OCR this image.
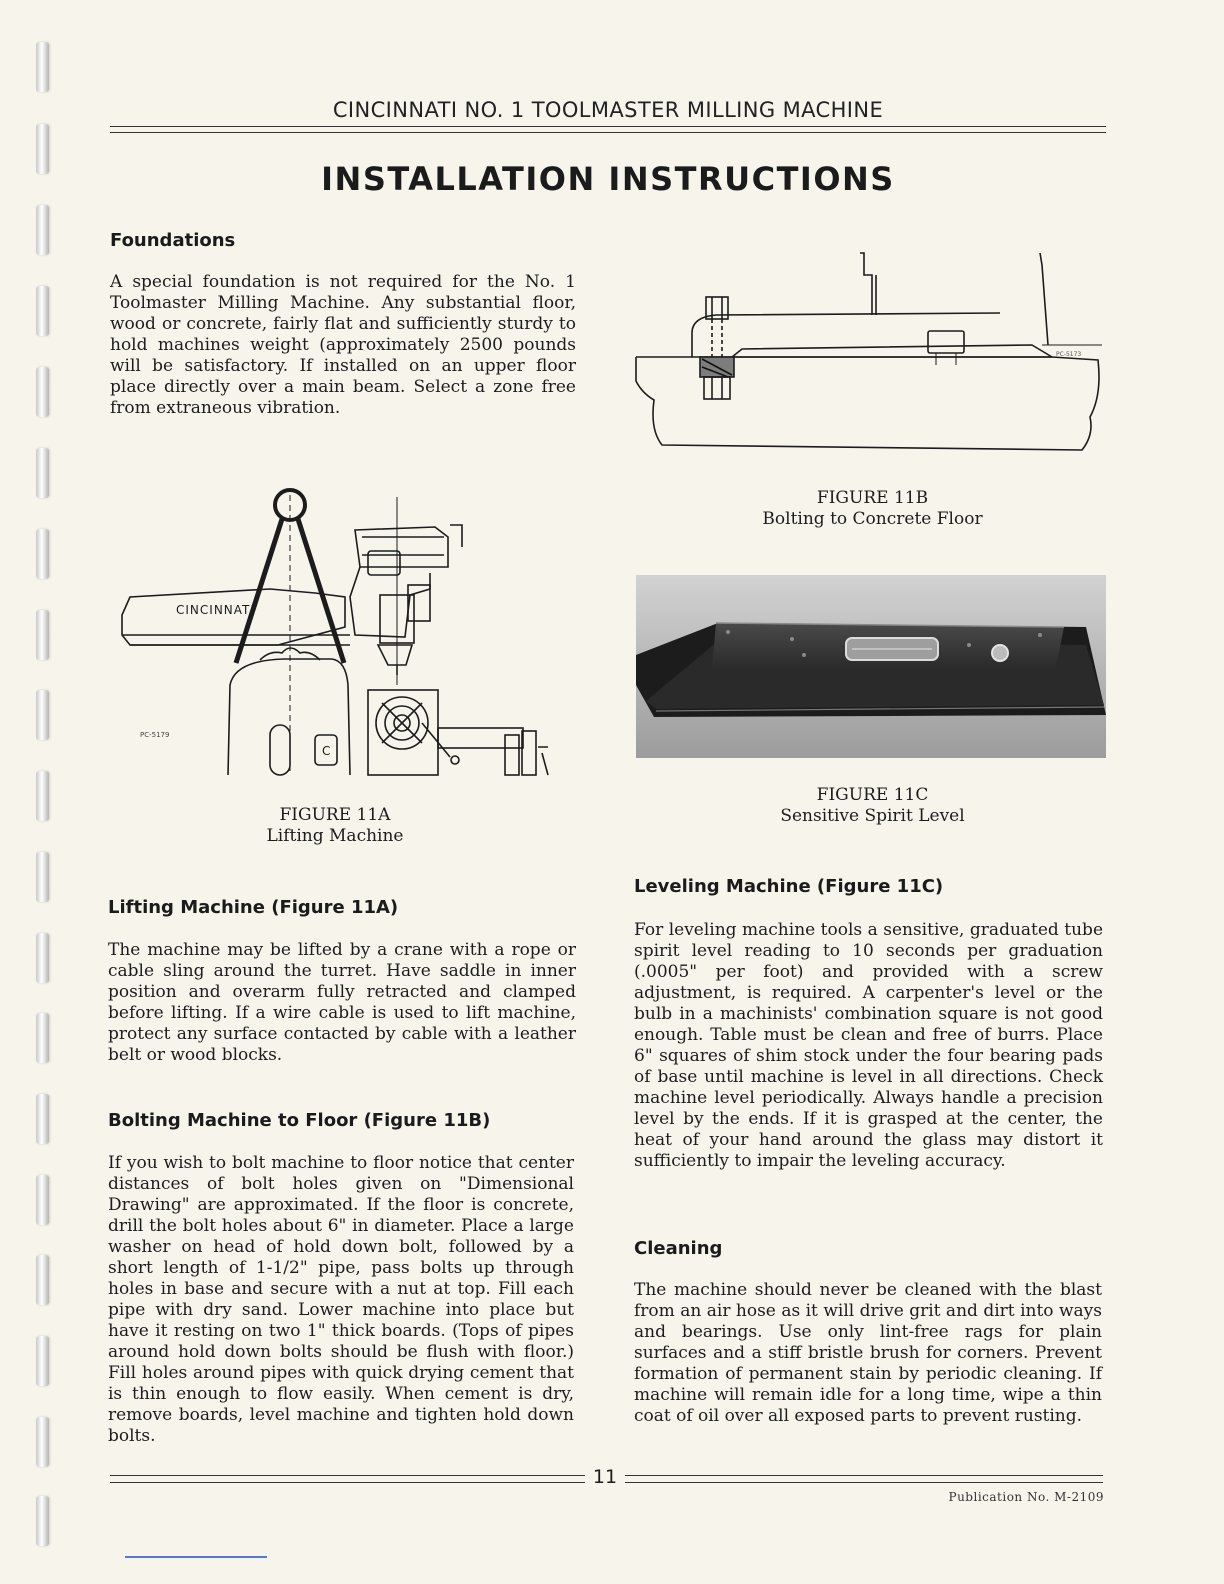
CINCINNATI NO. 1 TOOLMASTER MILLING MACHINE
INSTALLATION INSTRUCTIONS
Foundations
A special foundation is not required for the No. 1 Toolmaster Milling Machine. Any substantial floor, wood or concrete, fairly flat and sufficiently sturdy to hold machines weight (approximately 2500 pounds will be satisfactory. If installed on an upper floor place directly over a main beam. Select a zone free from extraneous vibration.
CINCINNATI
C
PC-5179
FIGURE 11A
Lifting Machine
Lifting Machine (Figure 11A)
The machine may be lifted by a crane with a rope or cable sling around the turret. Have saddle in inner position and overarm fully retracted and clamped before lifting. If a wire cable is used to lift machine, protect any surface contacted by cable with a leather belt or wood blocks.
Bolting Machine to Floor (Figure 11B)
If you wish to bolt machine to floor notice that center distances of bolt holes given on "Dimensional Drawing" are approximated. If the floor is concrete, drill the bolt holes about 6" in diameter. Place a large washer on head of hold down bolt, followed by a short length of 1-1/2" pipe, pass bolts up through holes in base and secure with a nut at top. Fill each pipe with dry sand. Lower machine into place but have it resting on two 1" thick boards. (Tops of pipes around hold down bolts should be flush with floor.) Fill holes around pipes with quick drying cement that is thin enough to flow easily. When cement is dry, remove boards, level machine and tighten hold down bolts.
PC-5173
FIGURE 11B
Bolting to Concrete Floor
FIGURE 11C
Sensitive Spirit Level
Leveling Machine (Figure 11C)
For leveling machine tools a sensitive, graduated tube spirit level reading to 10 seconds per graduation (.0005" per foot) and provided with a screw adjustment, is required. A carpenter's level or the bulb in a machinists' combination square is not good enough. Table must be clean and free of burrs. Place 6" squares of shim stock under the four bearing pads of base until machine is level in all directions. Check machine level periodically. Always handle a precision level by the ends. If it is grasped at the center, the heat of your hand around the glass may distort it sufficiently to impair the leveling accuracy.
Cleaning
The machine should never be cleaned with the blast from an air hose as it will drive grit and dirt into ways and bearings. Use only lint-free rags for plain surfaces and a stiff bristle brush for corners. Prevent formation of permanent stain by periodic cleaning. If machine will remain idle for a long time, wipe a thin coat of oil over all exposed parts to prevent rusting.
11
Publication No. M-2109
